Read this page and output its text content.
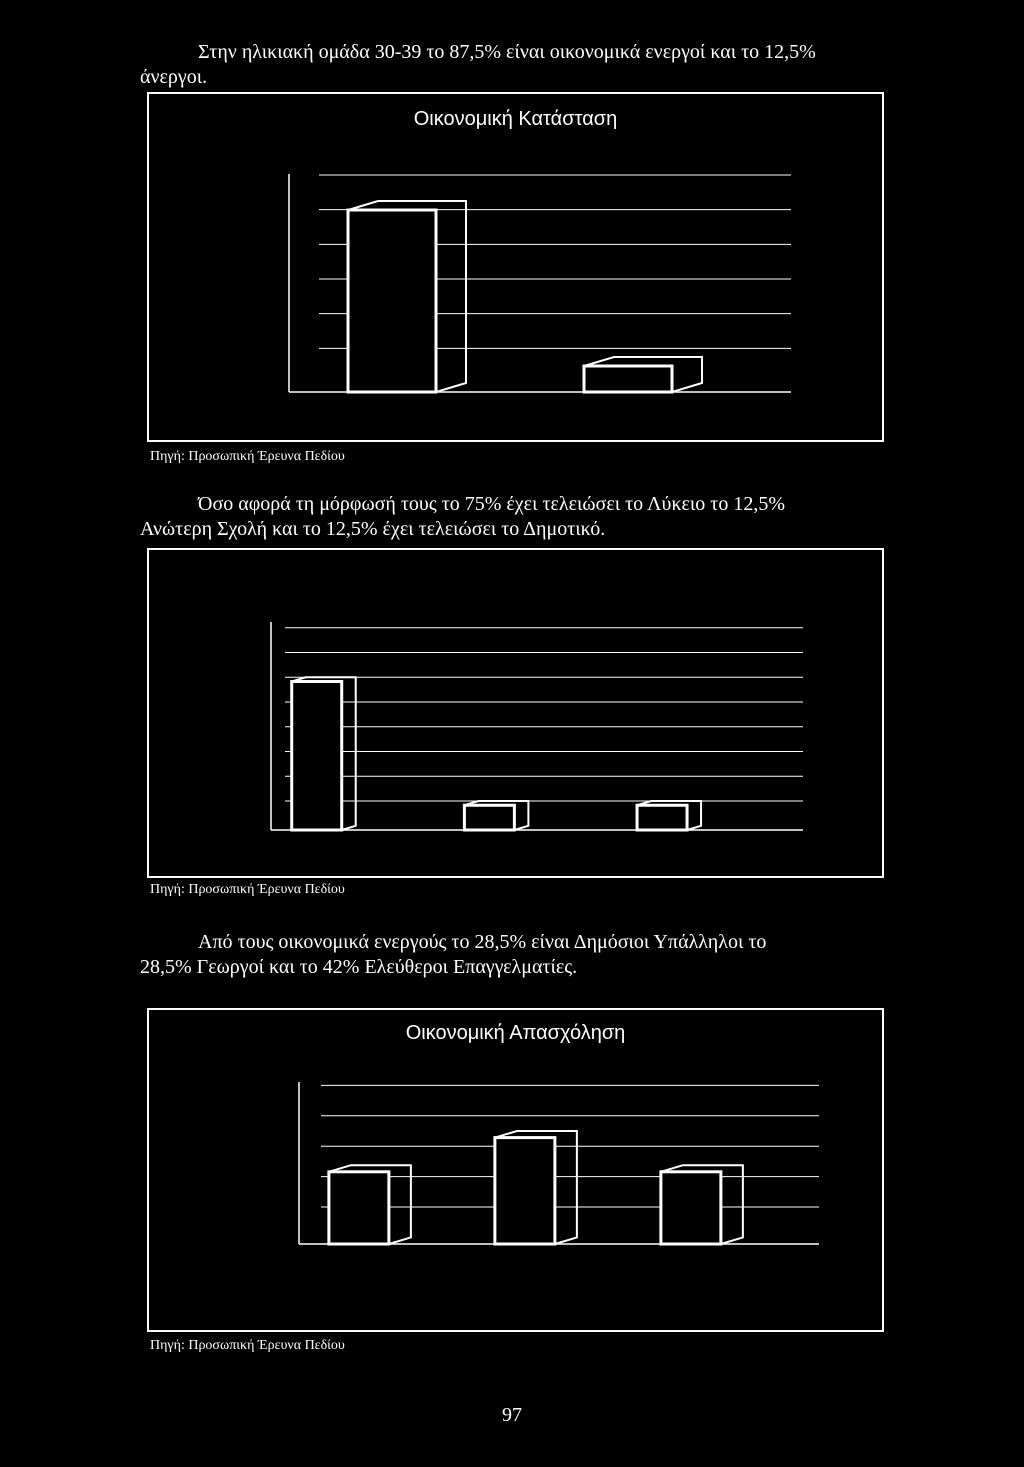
Στην ηλικιακή ομάδα 30-39 το 87,5% είναι οικονομικά ενεργοί και το 12,5%
άνεργοι.

Οικονομική Κατάσταση
Πηγή: Προσωπική Έρευνα Πεδίου

Όσο αφορά τη μόρφωσή τους το 75% έχει τελειώσει το Λύκειο το 12,5%
Ανώτερη Σχολή και το 12,5% έχει τελειώσει το Δημοτικό.

Πηγή: Προσωπική Έρευνα Πεδίου

Από τους οικονομικά ενεργούς το 28,5% είναι Δημόσιοι Υπάλληλοι το
28,5% Γεωργοί και το 42% Ελεύθεροι Επαγγελματίες.

Οικονομική Απασχόληση
Πηγή: Προσωπική Έρευνα Πεδίου
97
